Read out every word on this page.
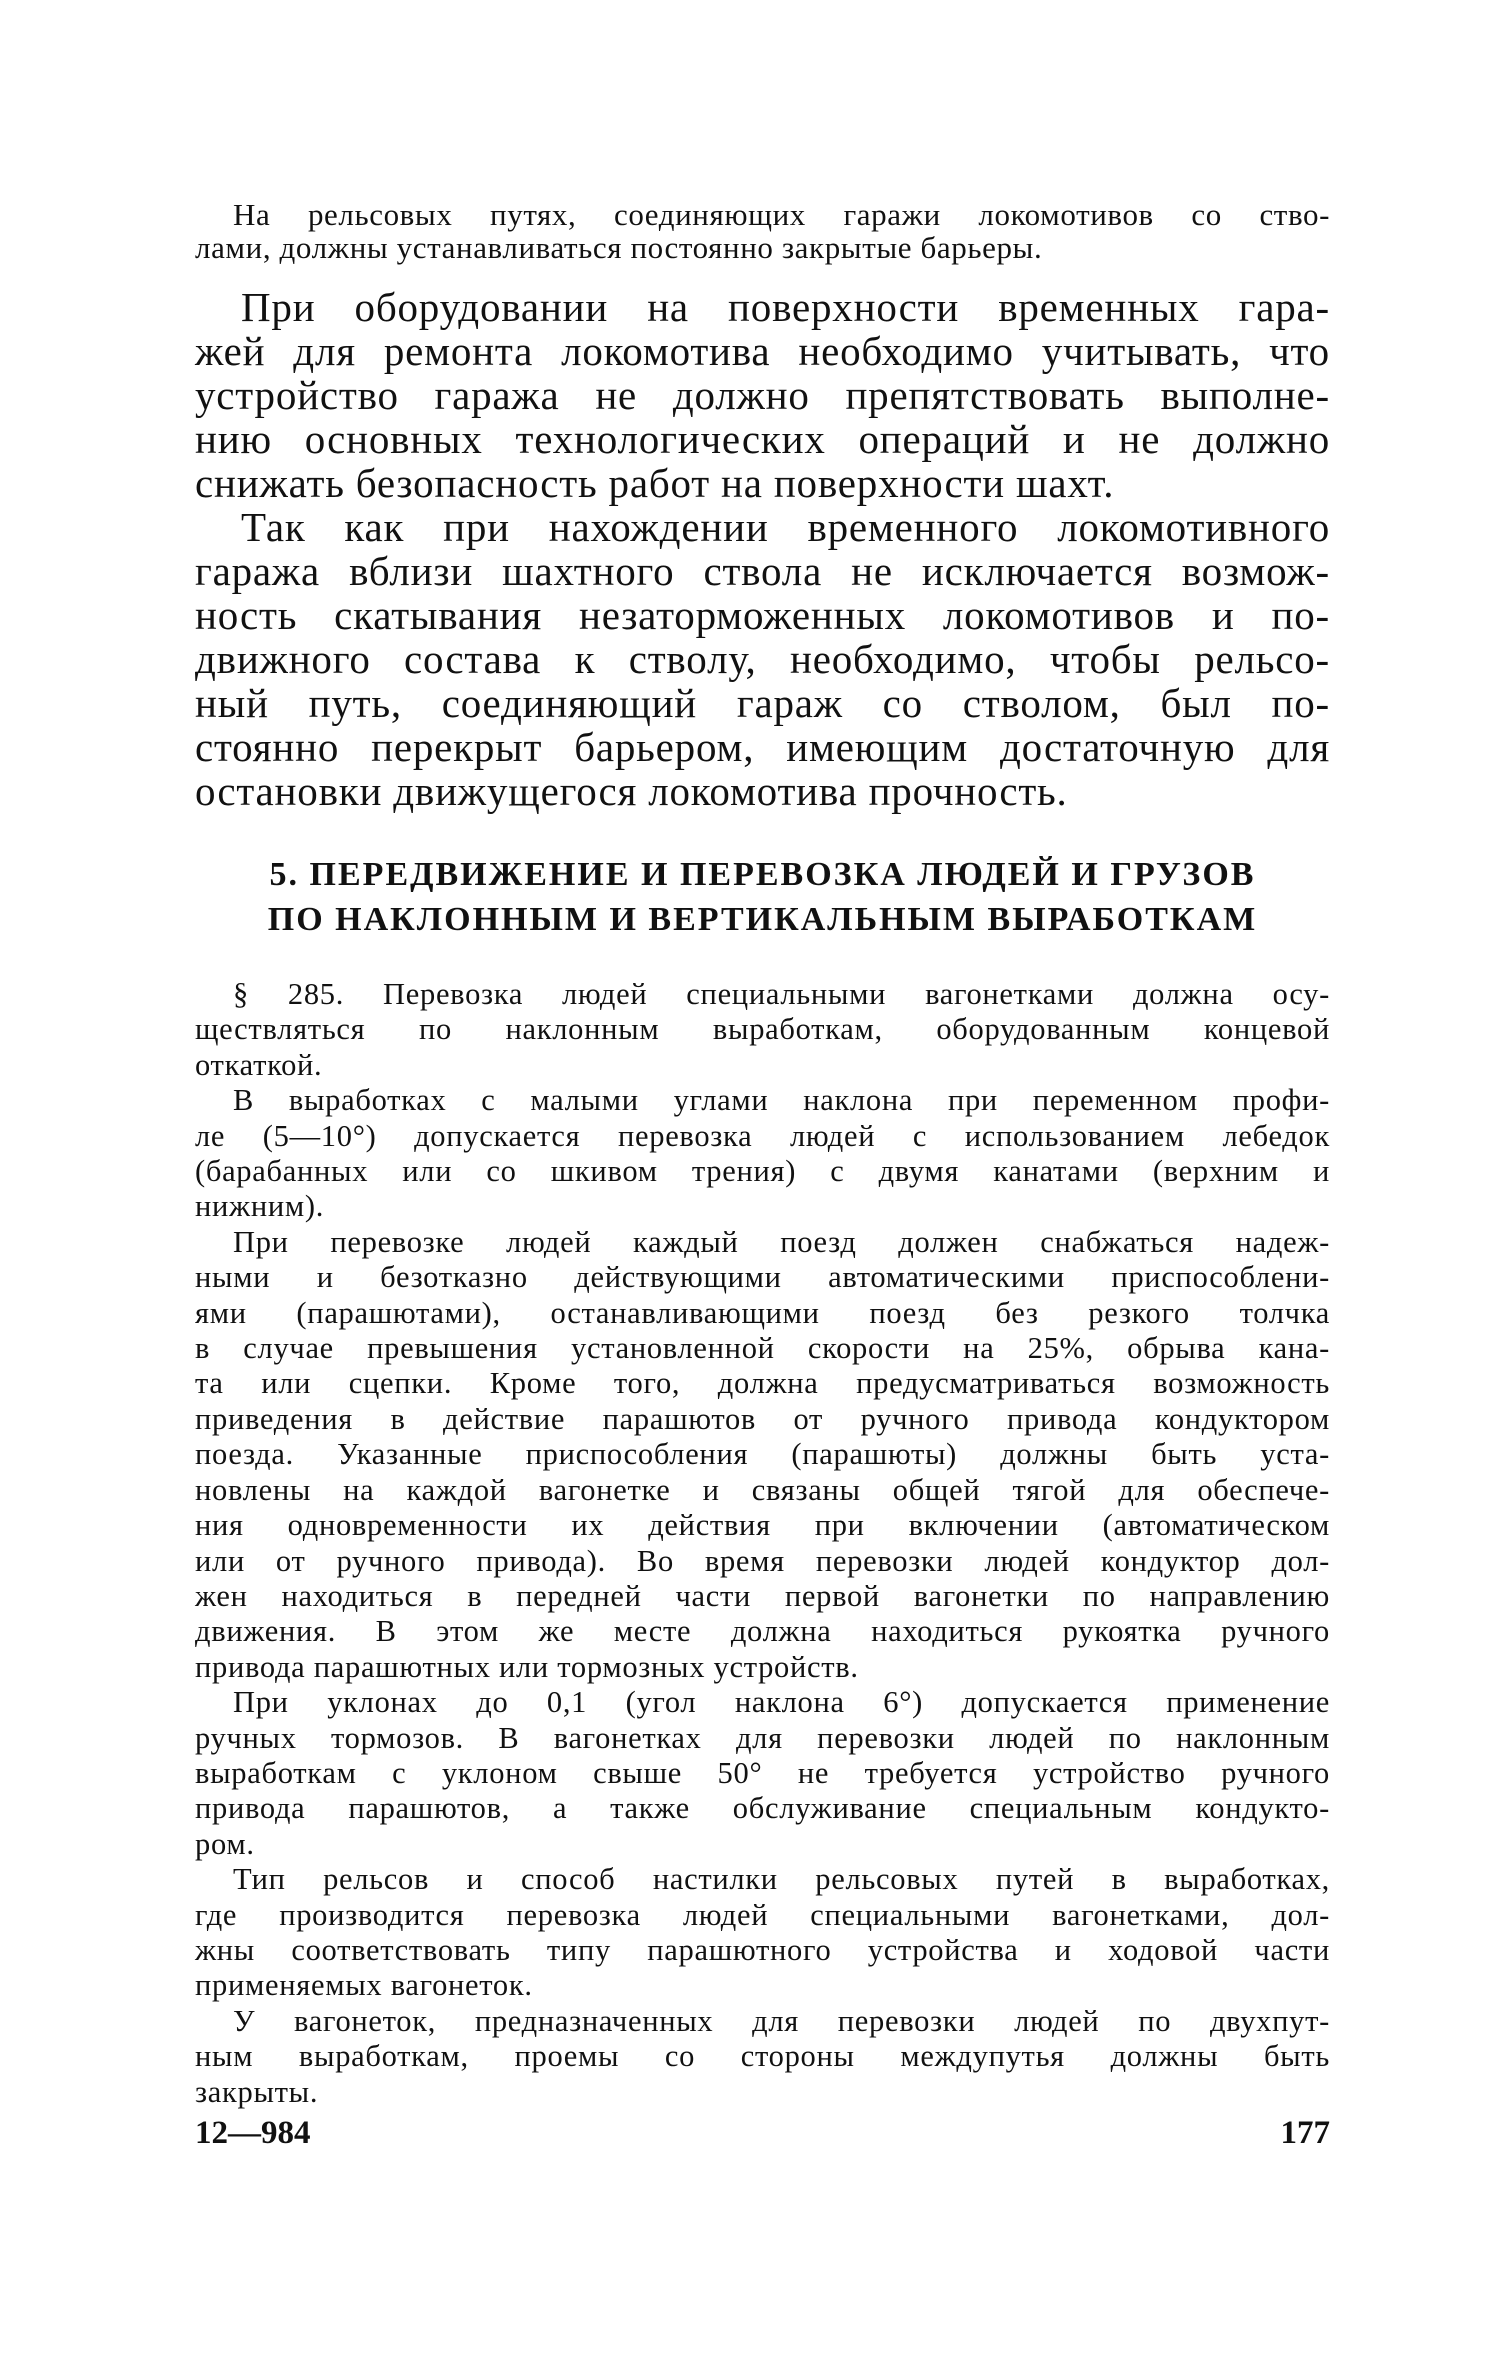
На рельсовых путях, соединяющих гаражи локомотивов со ство-
лами, должны устанавливаться постоянно закрытые барьеры.
При оборудовании на поверхности временных гара-
жей для ремонта локомотива необходимо учитывать, что
устройство гаража не должно препятствовать выполне-
нию основных технологических операций и не должно
снижать безопасность работ на поверхности шахт.
Так как при нахождении временного локомотивного
гаража вблизи шахтного ствола не исключается возмож-
ность скатывания незаторможенных локомотивов и по-
движного состава к стволу, необходимо, чтобы рельсо-
ный путь, соединяющий гараж со стволом, был по-
стоянно перекрыт барьером, имеющим достаточную для
остановки движущегося локомотива прочность.
5. ПЕРЕДВИЖЕНИЕ И ПЕРЕВОЗКА ЛЮДЕЙ И ГРУЗОВ
ПО НАКЛОННЫМ И ВЕРТИКАЛЬНЫМ ВЫРАБОТКАМ
§ 285. Перевозка людей специальными вагонетками должна осу-
ществляться по наклонным выработкам, оборудованным концевой
откаткой.
В выработках с малыми углами наклона при переменном профи-
ле (5—10°) допускается перевозка людей с использованием лебедок
(барабанных или со шкивом трения) с двумя канатами (верхним и
нижним).
При перевозке людей каждый поезд должен снабжаться надеж-
ными и безотказно действующими автоматическими приспособлени-
ями (парашютами), останавливающими поезд без резкого толчка
в случае превышения установленной скорости на 25%, обрыва кана-
та или сцепки. Кроме того, должна предусматриваться возможность
приведения в действие парашютов от ручного привода кондуктором
поезда. Указанные приспособления (парашюты) должны быть уста-
новлены на каждой вагонетке и связаны общей тягой для обеспече-
ния одновременности их действия при включении (автоматическом
или от ручного привода). Во время перевозки людей кондуктор дол-
жен находиться в передней части первой вагонетки по направлению
движения. В этом же месте должна находиться рукоятка ручного
привода парашютных или тормозных устройств.
При уклонах до 0,1 (угол наклона 6°) допускается применение
ручных тормозов. В вагонетках для перевозки людей по наклонным
выработкам с уклоном свыше 50° не требуется устройство ручного
привода парашютов, а также обслуживание специальным кондукто-
ром.
Тип рельсов и способ настилки рельсовых путей в выработках,
где производится перевозка людей специальными вагонетками, дол-
жны соответствовать типу парашютного устройства и ходовой части
применяемых вагонеток.
У вагонеток, предназначенных для перевозки людей по двухпут-
ным выработкам, проемы со стороны междупутья должны быть
закрыты.
12—984	177
